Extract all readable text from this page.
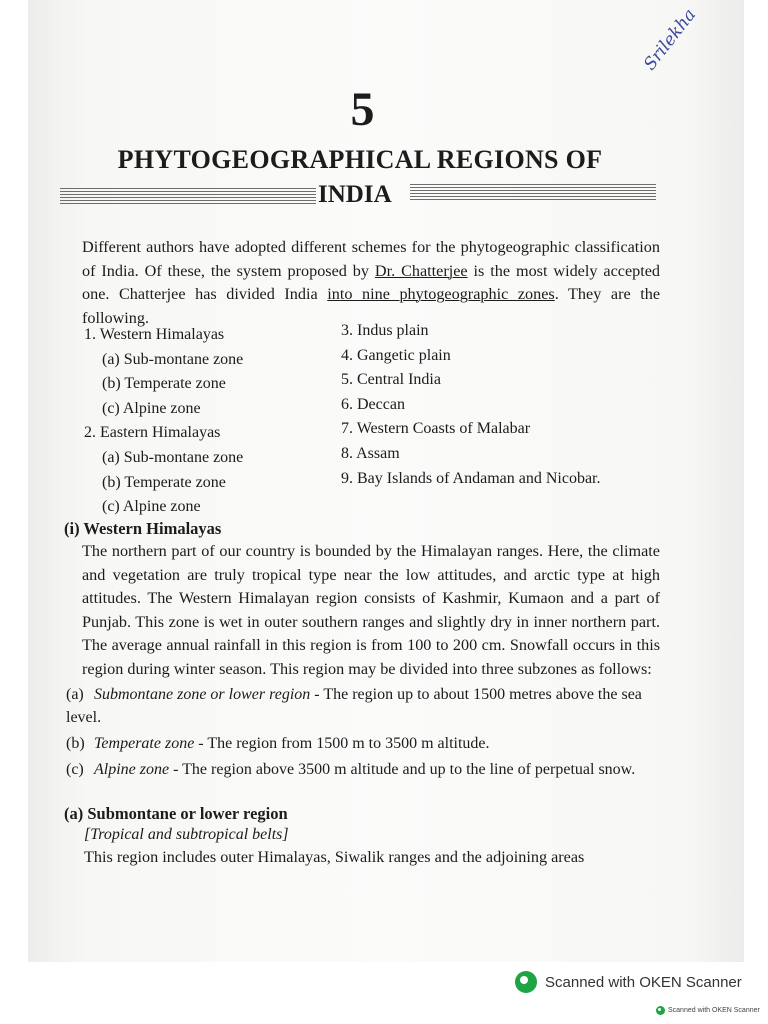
Srilekha
5
PHYTOGEOGRAPHICAL REGIONS OF
INDIA

Different authors have adopted different schemes for the phytogeographic classification of India. Of these, the system proposed by Dr. Chatterjee is the most widely accepted one. Chatterjee has divided India into nine phytogeographic zones. They are the following.

1. Western Himalayas
(a) Sub-montane zone
(b) Temperate zone
(c) Alpine zone
2. Eastern Himalayas
(a) Sub-montane zone
(b) Temperate zone
(c) Alpine zone
3. Indus plain
4. Gangetic plain
5. Central India
6. Deccan
7. Western Coasts of Malabar
8. Assam
9. Bay Islands of Andaman and Nicobar.
(i) Western Himalayas

The northern part of our country is bounded by the Himalayan ranges. Here, the climate and vegetation are truly tropical type near the low attitudes, and arctic type at high attitudes. The Western Himalayan region consists of Kashmir, Kumaon and a part of Punjab. This zone is wet in outer southern ranges and slightly dry in inner northern part. The average annual rainfall in this region is from 100 to 200 cm. Snowfall occurs in this region during winter season. This region may be divided into three subzones as follows:

(a) Submontane zone or lower region - The region up to about 1500 metres above the sea level.
(b) Temperate zone - The region from 1500 m to 3500 m altitude.
(c) Alpine zone - The region above 3500 m altitude and up to the line of perpetual snow.
(a) Submontane or lower region
[Tropical and subtropical belts]
This region includes outer Himalayas, Siwalik ranges and the adjoining areas
Scanned with OKEN Scanner
Scanned with OKEN Scanner
